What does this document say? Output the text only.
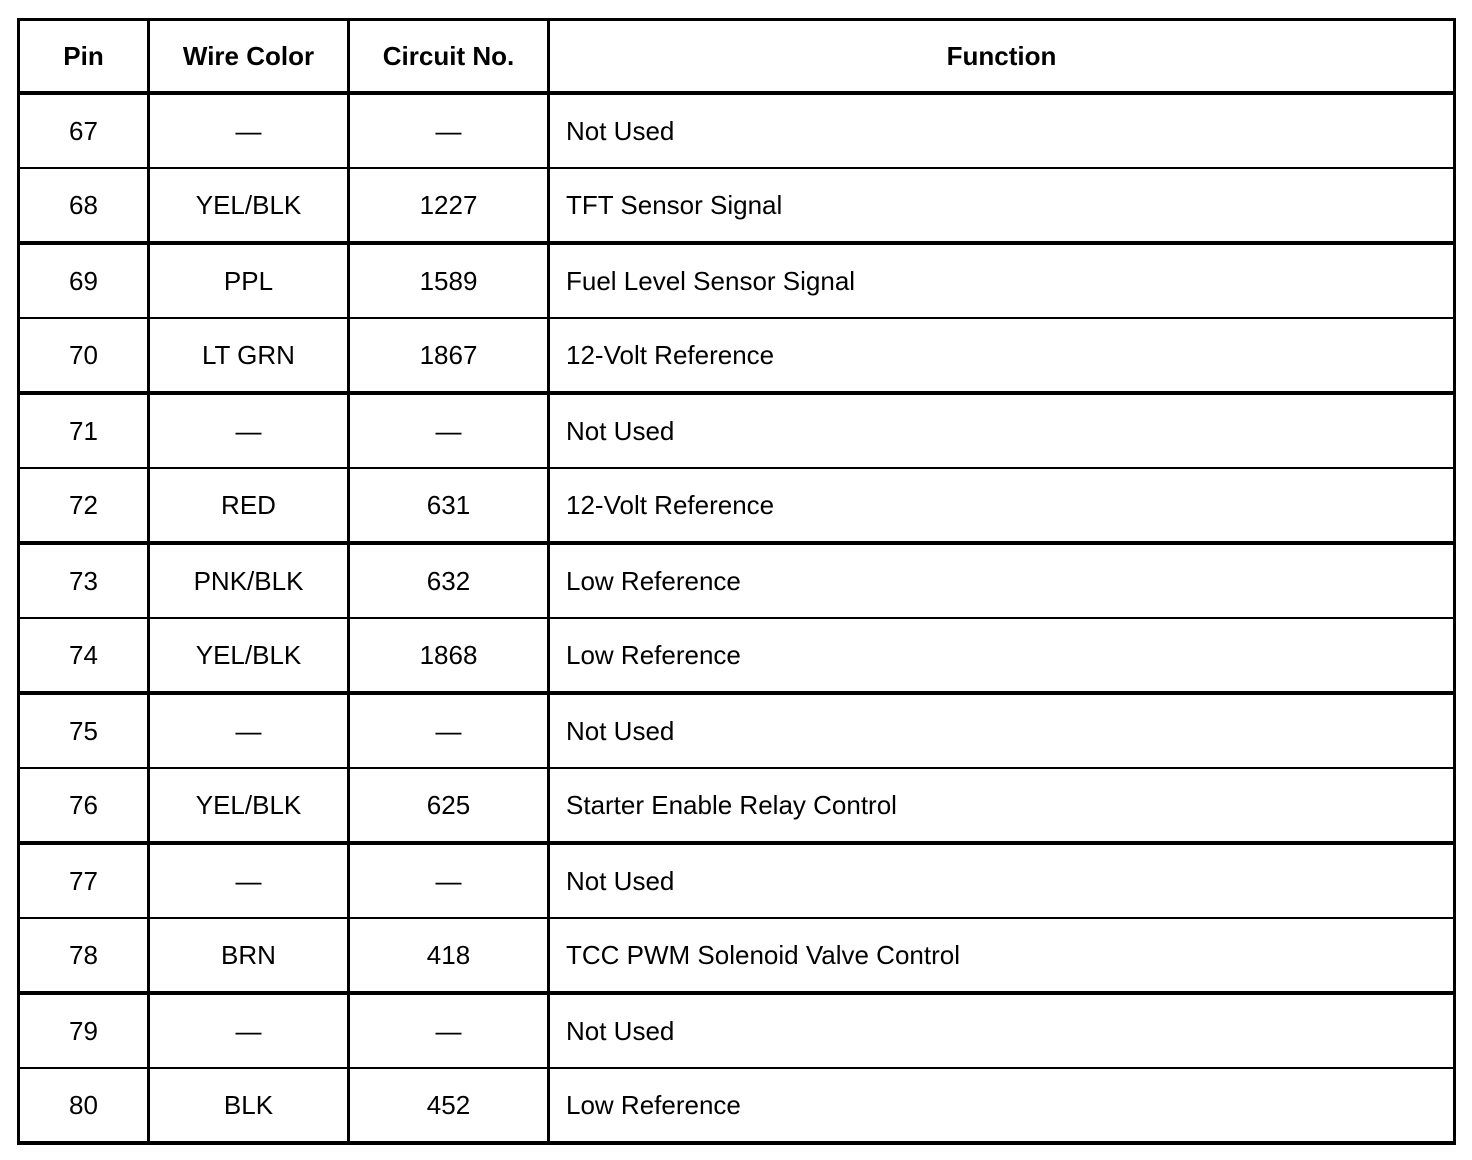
Pin	Wire Color	Circuit No.	Function
67	—	—	Not Used
68	YEL/BLK	1227	TFT Sensor Signal
69	PPL	1589	Fuel Level Sensor Signal
70	LT GRN	1867	12-Volt Reference
71	—	—	Not Used
72	RED	631	12-Volt Reference
73	PNK/BLK	632	Low Reference
74	YEL/BLK	1868	Low Reference
75	—	—	Not Used
76	YEL/BLK	625	Starter Enable Relay Control
77	—	—	Not Used
78	BRN	418	TCC PWM Solenoid Valve Control
79	—	—	Not Used
80	BLK	452	Low Reference
